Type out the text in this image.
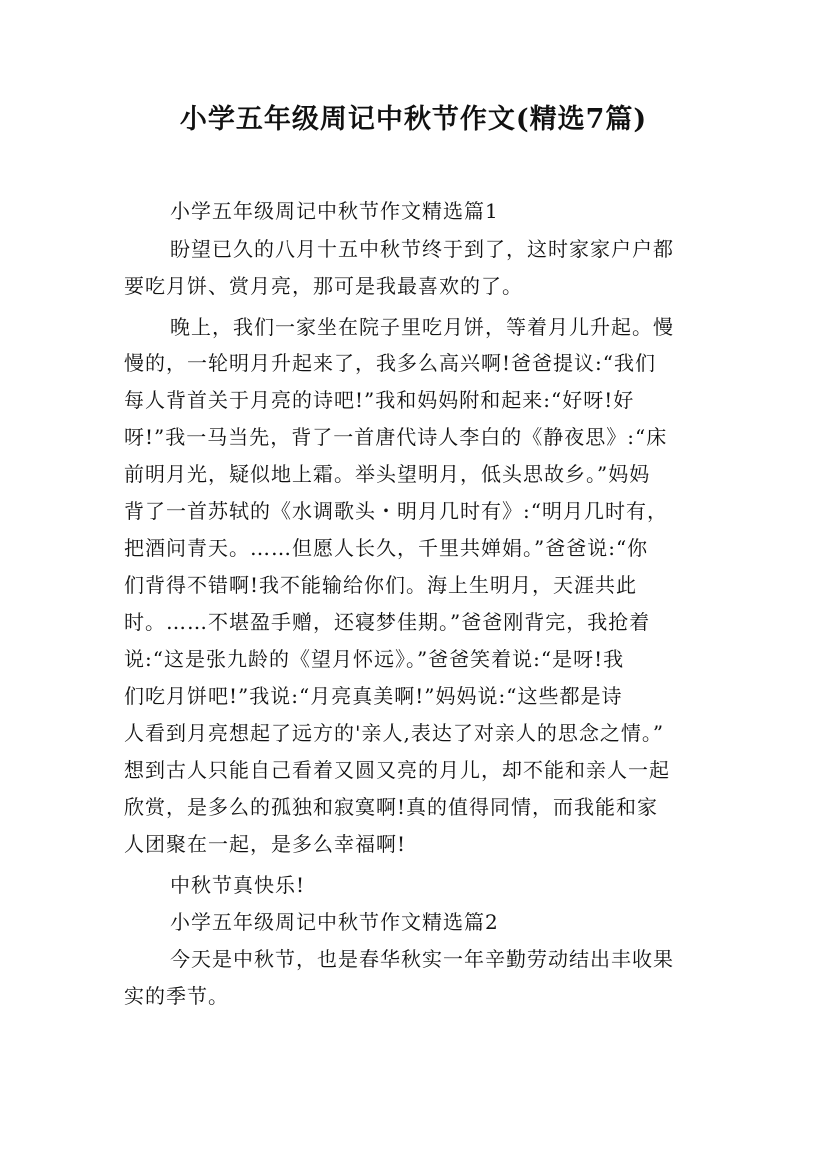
小学五年级周记中秋节作文(精选7篇)
小学五年级周记中秋节作文精选篇1
盼望已久的八月十五中秋节终于到了，这时家家户户都
要吃月饼、赏月亮，那可是我最喜欢的了。
晚上，我们一家坐在院子里吃月饼，等着月儿升起。慢
慢的，一轮明月升起来了，我多么高兴啊!爸爸提议:“我们
每人背首关于月亮的诗吧!”我和妈妈附和起来:“好呀!好
呀!”我一马当先，背了一首唐代诗人李白的《静夜思》:“床
前明月光，疑似地上霜。举头望明月，低头思故乡。”妈妈
背了一首苏轼的《水调歌头・明月几时有》:“明月几时有，
把酒问青天。……但愿人长久，千里共婵娟。”爸爸说:“你
们背得不错啊!我不能输给你们。海上生明月，天涯共此
时。……不堪盈手赠，还寝梦佳期。”爸爸刚背完，我抢着
说:“这是张九龄的《望月怀远》。”爸爸笑着说:“是呀!我
们吃月饼吧!”我说:“月亮真美啊!”妈妈说:“这些都是诗
人看到月亮想起了远方的'亲人,表达了对亲人的思念之情。”
想到古人只能自己看着又圆又亮的月儿，却不能和亲人一起
欣赏，是多么的孤独和寂寞啊!真的值得同情，而我能和家
人团聚在一起，是多么幸福啊!
中秋节真快乐!
小学五年级周记中秋节作文精选篇2
今天是中秋节，也是春华秋实一年辛勤劳动结出丰收果
实的季节。
